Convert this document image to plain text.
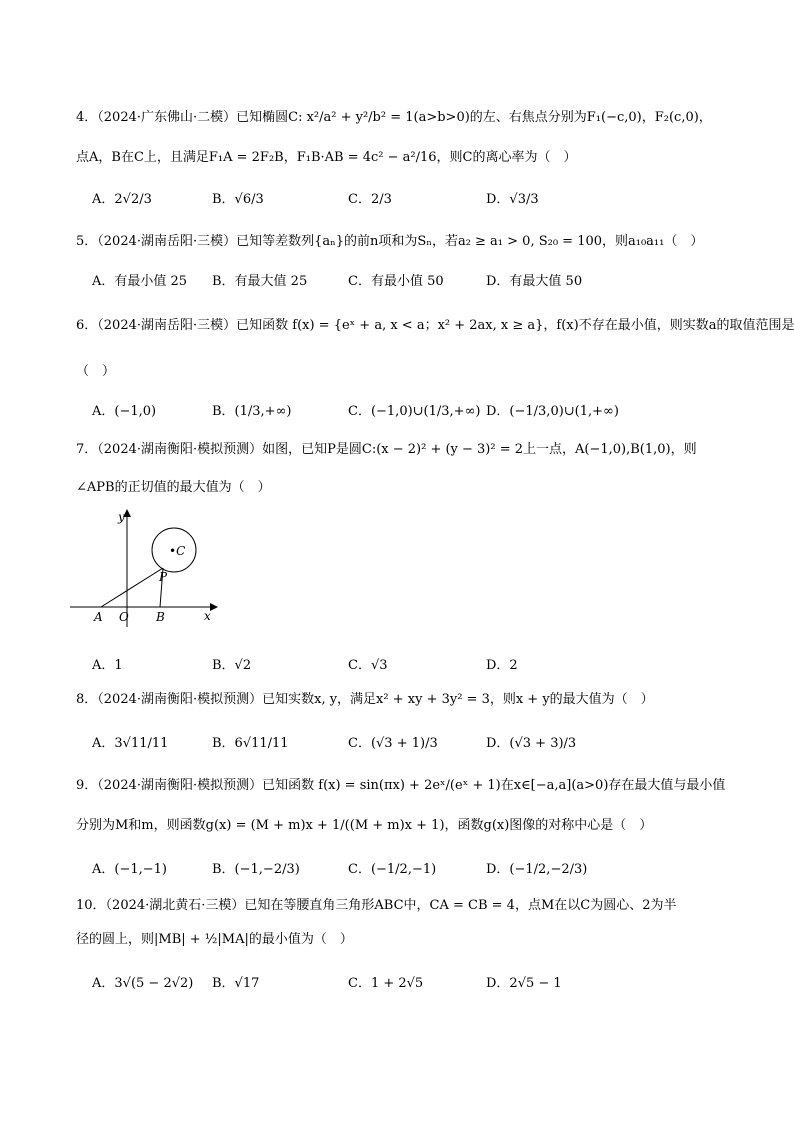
4．（2024·广东佛山·二模）已知椭圆C: x²/a² + y²/b² = 1(a>b>0)的左、右焦点分别为F₁(−c,0)，F₂(c,0)，
点A，B在C上，且满足F₁A = 2F₂B，F₁B·AB = 4c² − a²/16，则C的离心率为（　）
A．2√2/3	B．√6/3	C．2/3	D．√3/3
5．（2024·湖南岳阳·三模）已知等差数列{aₙ}的前n项和为Sₙ，若a₂ ≥ a₁ > 0, S₂₀ = 100，则a₁₀a₁₁（　）
A．有最小值 25 B．有最大值 25	C．有最小值 50	D．有最大值 50
6．（2024·湖南岳阳·三模）已知函数 f(x) = {eˣ + a, x < a；x² + 2ax, x ≥ a}，f(x)不存在最小值，则实数a的取值范围是
（　）
A．(−1,0)	B．(1/3,+∞)	C．(−1,0)∪(1/3,+∞) D．(−1/3,0)∪(1,+∞)
7．（2024·湖南衡阳·模拟预测）如图，已知P是圆C:(x − 2)² + (y − 3)² = 2上一点，A(−1,0),B(1,0)，则
∠APB的正切值的最大值为（　）
y
x
•C
P
A O B
A．1	B．√2	C．√3	D．2
8．（2024·湖南衡阳·模拟预测）已知实数x, y，满足x² + xy + 3y² = 3，则x + y的最大值为（　）
A．3√11/11	B．6√11/11	C．(√3 + 1)/3	D．(√3 + 3)/3
9．（2024·湖南衡阳·模拟预测）已知函数 f(x) = sin(πx) + 2eˣ/(eˣ + 1)在x∈[−a,a](a>0)存在最大值与最小值
分别为M和m，则函数g(x) = (M + m)x + 1/((M + m)x + 1)，函数g(x)图像的对称中心是（　）
A．(−1,−1)	B．(−1,−2/3)	C．(−1/2,−1)	D．(−1/2,−2/3)
10．（2024·湖北黄石·三模）已知在等腰直角三角形ABC中，CA = CB = 4，点M在以C为圆心、2为半
径的圆上，则|MB| + ½|MA|的最小值为（　）
A．3√(5 − 2√2) B．√17	C．1 + 2√5	D．2√5 − 1
